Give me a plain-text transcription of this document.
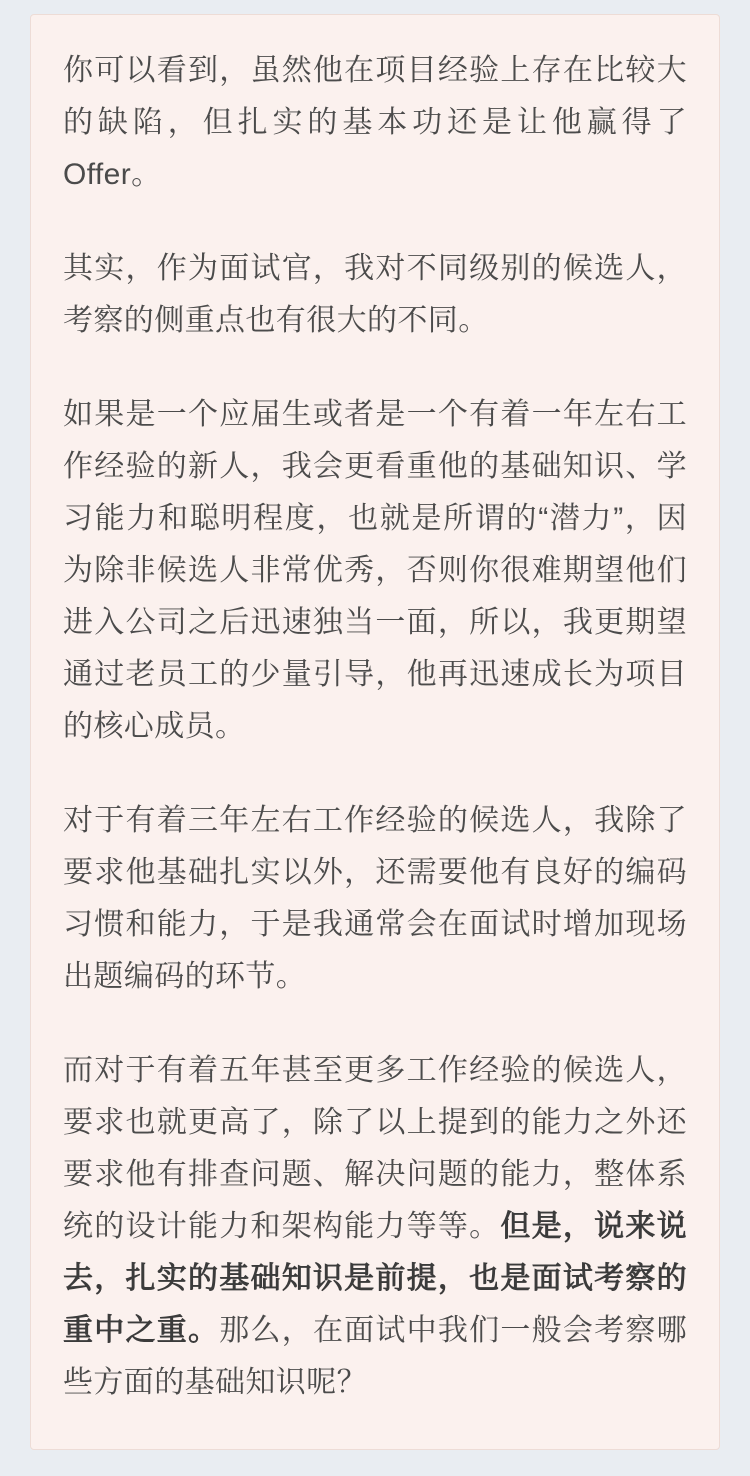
你可以看到，虽然他在项目经验上存在比较大的缺陷，但扎实的基本功还是让他赢得了 Offer。

其实，作为面试官，我对不同级别的候选人，考察的侧重点也有很大的不同。

如果是一个应届生或者是一个有着一年左右工作经验的新人，我会更看重他的基础知识、学习能力和聪明程度，也就是所谓的“潜力”，因为除非候选人非常优秀，否则你很难期望他们进入公司之后迅速独当一面，所以，我更期望通过老员工的少量引导，他再迅速成长为项目的核心成员。

对于有着三年左右工作经验的候选人，我除了要求他基础扎实以外，还需要他有良好的编码习惯和能力，于是我通常会在面试时增加现场出题编码的环节。

而对于有着五年甚至更多工作经验的候选人，要求也就更高了，除了以上提到的能力之外还要求他有排查问题、解决问题的能力，整体系统的设计能力和架构能力等等。但是，说来说去，扎实的基础知识是前提，也是面试考察的重中之重。那么，在面试中我们一般会考察哪些方面的基础知识呢？
